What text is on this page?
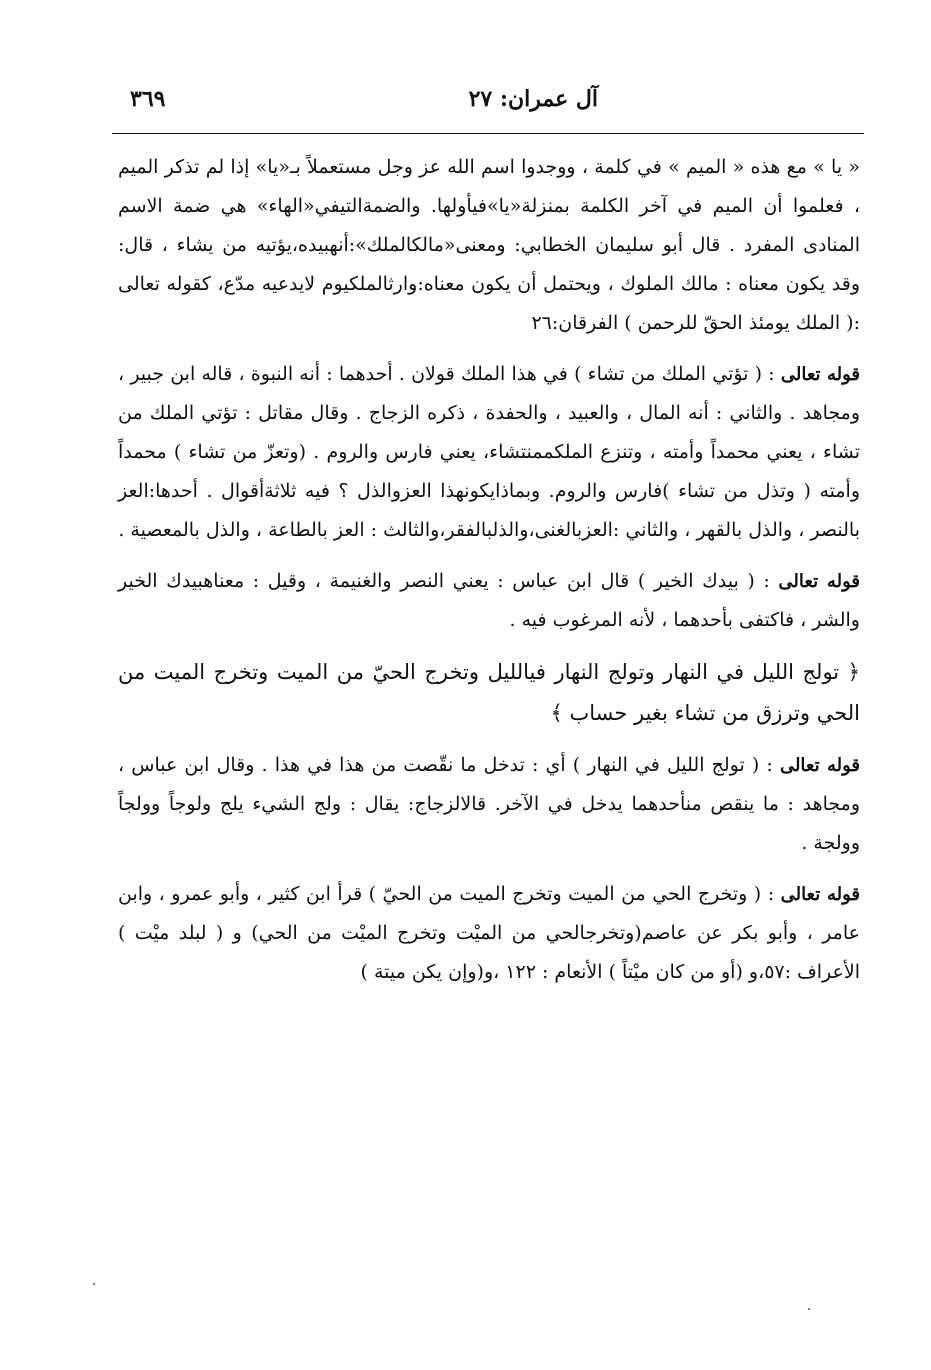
آل عمران: ٢٧
٣٦٩

« يا » مع هذه « الميم » في كلمة ، ووجدوا اسم الله عز وجل مستعملاً بـ«يا» إذا لم تذكر الميم ، فعلموا أن الميم في آخر الكلمة بمنزلة«يا»فيأولها. والضمةالتيفي«الهاء» هي ضمة الاسم المنادى المفرد . قال أبو سليمان الخطابي: ومعنى«مالكالملك»:أنهبيده،يؤتيه من يشاء ، قال: وقد يكون معناه : مالك الملوك ، ويحتمل أن يكون معناه:وارثالملكيوم لايدعيه مدّع، كقوله تعالى :( الملك يومئذ الحقّ للرحمن ) الفرقان:٢٦

قوله تعالى : ( تؤتي الملك من تشاء ) في هذا الملك قولان . أحدهما : أنه النبوة ، قاله ابن جبير ، ومجاهد . والثاني : أنه المال ، والعبيد ، والحفدة ، ذكره الزجاج . وقال مقاتل : تؤتي الملك من تشاء ، يعني محمداً وأمته ، وتنزع الملكممنتشاء، يعني فارس والروم . (وتعزّ من تشاء ) محمداً وأمته ( وتذل من تشاء )فارس والروم. وبماذايكونهذا العزوالذل ؟ فيه ثلاثةأقوال . أحدها:العز بالنصر ، والذل بالقهر ، والثاني :العزبالغنى،والذلبالفقر،والثالث : العز بالطاعة ، والذل بالمعصية .

قوله تعالى : ( بيدك الخير ) قال ابن عباس : يعني النصر والغنيمة ، وقيل : معناهبيدك الخير والشر ، فاكتفى بأحدهما ، لأنه المرغوب فيه .

﴿ تولج الليل في النهار وتولج النهار فيالليل وتخرج الحيّ من الميت وتخرج الميت من الحي وترزق من تشاء بغير حساب ﴾

قوله تعالى : ( تولج الليل في النهار ) أي : تدخل ما نقّصت من هذا في هذا . وقال ابن عباس ، ومجاهد : ما ينقص منأحدهما يدخل في الآخر. قالالزجاج: يقال : ولج الشيء يلج ولوجاً وولجاً وولجة .

قوله تعالى : ( وتخرج الحي من الميت وتخرج الميت من الحيّ ) قرأ ابن كثير ، وأبو عمرو ، وابن عامر ، وأبو بكر عن عاصم(وتخرجالحي من الميْت وتخرج الميْت من الحي) و ( لبلد ميْت ) الأعراف :٥٧،و (أو من كان ميْتاً ) الأنعام : ١٢٢ ،و(وإن يكن ميتة )
